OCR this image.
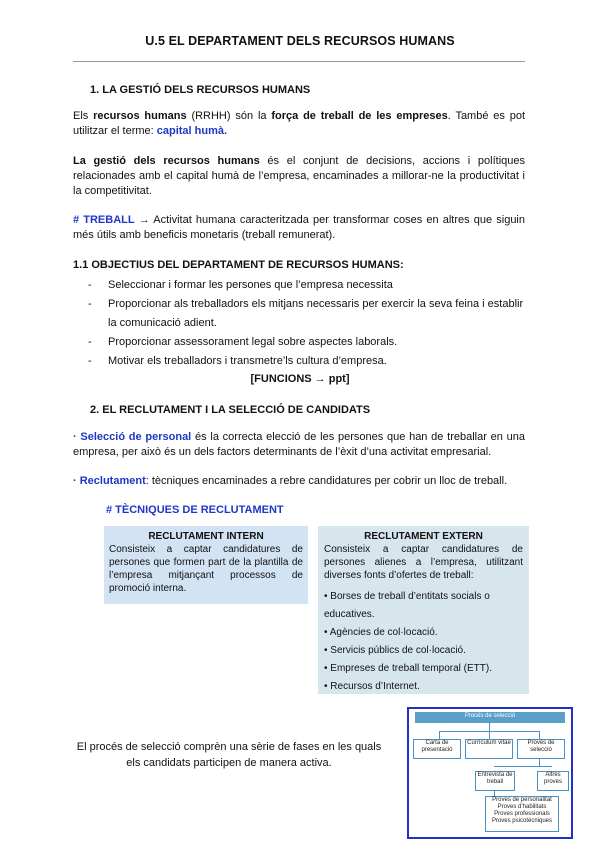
U.5 EL DEPARTAMENT DELS RECURSOS HUMANS
1. LA GESTIÓ DELS RECURSOS HUMANS
Els recursos humans (RRHH) són la força de treball de les empreses. També es pot utilitzar el terme: capital humà.
La gestió dels recursos humans és el conjunt de decisions, accions i polítiques relacionades amb el capital humà de l’empresa, encaminades a millorar-ne la productivitat i la competitivitat.
# TREBALL → Activitat humana caracteritzada per transformar coses en altres que siguin més útils amb beneficis monetaris (treball remunerat).
1.1 OBJECTIUS DEL DEPARTAMENT DE RECURSOS HUMANS:
- Seleccionar i formar les persones que l’empresa necessita
- Proporcionar als treballadors els mitjans necessaris per exercir la seva feina i establir la comunicació adient.
- Proporcionar assessorament legal sobre aspectes laborals.
- Motivar els treballadors i transmetre’ls cultura d’empresa.
[FUNCIONS → ppt]
2. EL RECLUTAMENT I LA SELECCIÓ DE CANDIDATS
· Selecció de personal és la correcta elecció de les persones que han de treballar en una empresa, per això és un dels factors determinants de l’èxit d’una activitat empresarial.
· Reclutament: tècniques encaminades a rebre candidatures per cobrir un lloc de treball.
# TÈCNIQUES DE RECLUTAMENT
RECLUTAMENT INTERN
Consisteix a captar candidatures de persones que formen part de la plantilla de l’empresa mitjançant processos de promoció interna.
RECLUTAMENT EXTERN
Consisteix a captar candidatures de persones alienes a l’empresa, utilitzant diverses fonts d’ofertes de treball:
• Borses de treball d’entitats socials o educatives.
• Agències de col·locació.
• Servicis públics de col·locació.
• Empreses de treball temporal (ETT).
• Recursos d’Internet.
El procés de selecció comprèn una sèrie de fases en les quals els candidats participen de manera activa.
Procés de selecció
Carta de presentació
Currículum vitae	Proves de selecció
Entrevista de treball
Altres proves
Proves de personalitat
Proves d’habilitats
Proves professionals
Proves psicotècniques
